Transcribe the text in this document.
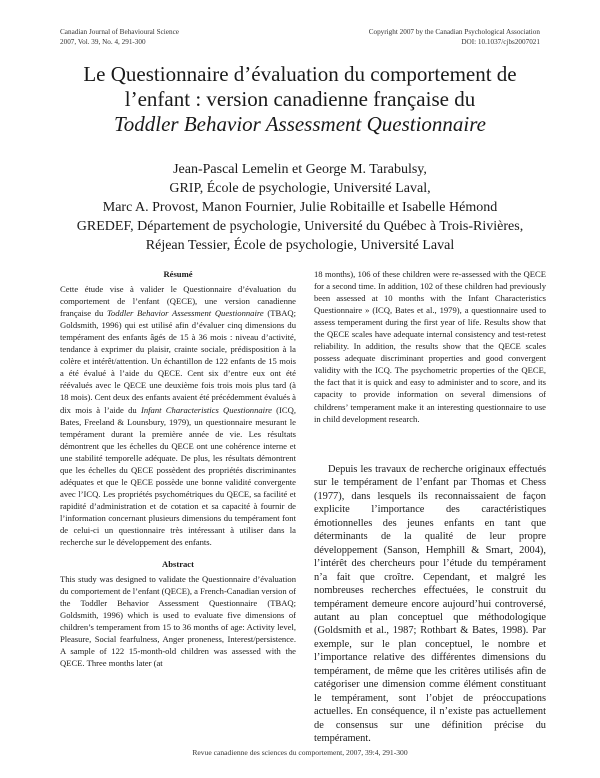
Canadian Journal of Behavioural Science
2007, Vol. 39, No. 4, 291-300
Copyright 2007 by the Canadian Psychological Association
DOI: 10.1037/cjbs2007021
Le Questionnaire d’évaluation du comportement de
l’enfant : version canadienne française du
Toddler Behavior Assessment Questionnaire
Jean-Pascal Lemelin et George M. Tarabulsy,
GRIP, École de psychologie, Université Laval,
Marc A. Provost, Manon Fournier, Julie Robitaille et Isabelle Hémond
GREDEF, Département de psychologie, Université du Québec à Trois-Rivières,
Réjean Tessier, École de psychologie, Université Laval
Résumé

Cette étude vise à valider le Questionnaire d’évaluation du comportement de l’enfant (QECE), une version canadienne française du Toddler Behavior Assessment Questionnaire (TBAQ; Goldsmith, 1996) qui est utilisé afin d’évaluer cinq dimensions du tempérament des enfants âgés de 15 à 36 mois : niveau d’activité, tendance à exprimer du plaisir, crainte sociale, prédisposition à la colère et intérêt/attention. Un échantillon de 122 enfants de 15 mois a été évalué à l’aide du QECE. Cent six d’entre eux ont été réévalués avec le QECE une deuxième fois trois mois plus tard (à 18 mois). Cent deux des enfants avaient été précédemment évalués à dix mois à l’aide du Infant Characteristics Questionnaire (ICQ, Bates, Freeland & Lounsbury, 1979), un questionnaire mesurant le tempérament durant la première année de vie. Les résultats démontrent que les échelles du QECE ont une cohérence interne et une stabilité temporelle adéquate. De plus, les résultats démontrent que les échelles du QECE possèdent des propriétés discriminantes adéquates et que le QECE possède une bonne validité convergente avec l’ICQ. Les propriétés psychométriques du QECE, sa facilité et rapidité d’administration et de cotation et sa capacité à fournir de l’information concernant plusieurs dimensions du tempérament font de celui-ci un questionnaire très intéressant à utiliser dans la recherche sur le développement des enfants.

Abstract

This study was designed to validate the Questionnaire d’évaluation du comportement de l’enfant (QECE), a French-Canadian version of the Toddler Behavior Assessment Questionnaire (TBAQ; Goldsmith, 1996) which is used to evaluate five dimensions of children’s temperament from 15 to 36 months of age: Activity level, Pleasure, Social fearfulness, Anger proneness, Interest/persistence. A sample of 122 15-month-old children was assessed with the QECE. Three months later (at

18 months), 106 of these children were re-assessed with the QECE for a second time. In addition, 102 of these children had previously been assessed at 10 months with the Infant Characteristics Questionnaire » (ICQ, Bates et al., 1979), a questionnaire used to assess temperament during the first year of life. Results show that the QECE scales have adequate internal consistency and test-retest reliability. In addition, the results show that the QECE scales possess adequate discriminant properties and good convergent validity with the ICQ. The psychometric properties of the QECE, the fact that it is quick and easy to administer and to score, and its capacity to provide information on several dimensions of childrens’ temperament make it an interesting questionnaire to use in child development research.

Depuis les travaux de recherche originaux effectués sur le tempérament de l’enfant par Thomas et Chess (1977), dans lesquels ils reconnaissaient de façon explicite l’importance des caractéristiques émotionnelles des jeunes enfants en tant que déterminants de la qualité de leur propre développement (Sanson, Hemphill & Smart, 2004), l’intérêt des chercheurs pour l’étude du tempérament n’a fait que croître. Cependant, et malgré les nombreuses recherches effectuées, le construit du tempérament demeure encore aujourd’hui controversé, autant au plan conceptuel que méthodologique (Goldsmith et al., 1987; Rothbart & Bates, 1998). Par exemple, sur le plan conceptuel, le nombre et l’importance relative des différentes dimensions du tempérament, de même que les critères utilisés afin de catégoriser une dimension comme élément constituant le tempérament, sont l’objet de préoccupations actuelles. En conséquence, il n’existe pas actuellement de consensus sur une définition précise du tempérament.
Revue canadienne des sciences du comportement, 2007, 39:4, 291-300
